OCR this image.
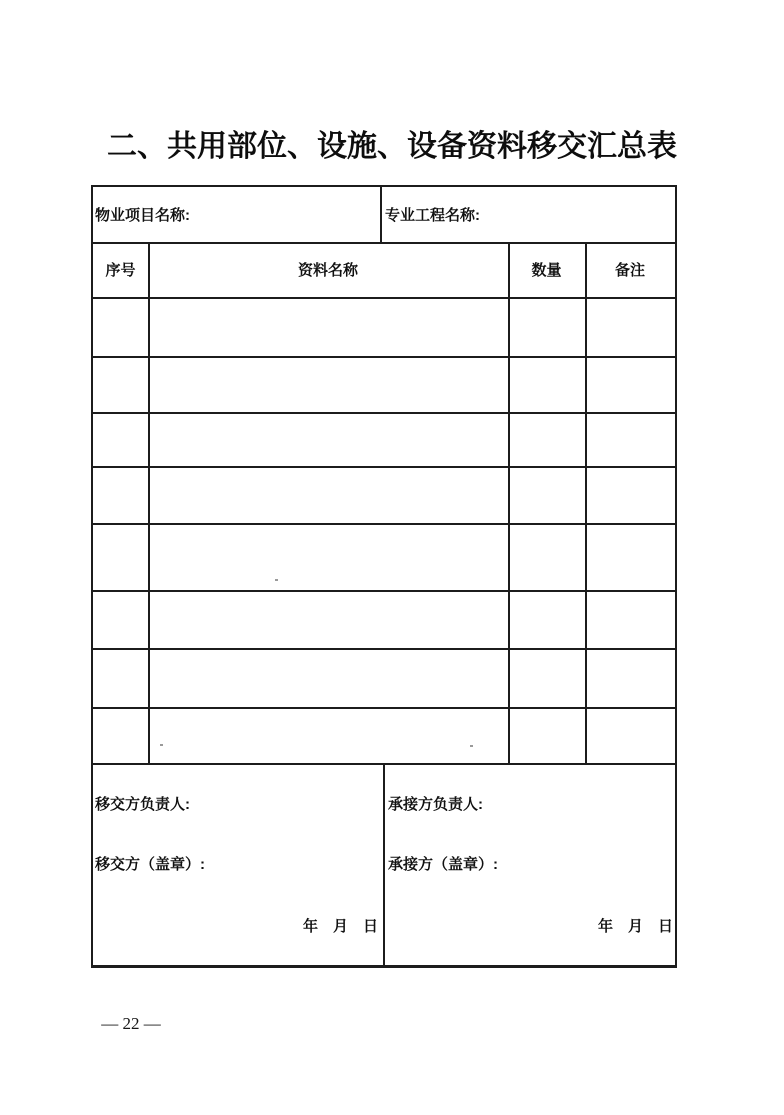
二、共用部位、设施、设备资料移交汇总表
物业项目名称:	专业工程名称:
序号	资料名称	数量	备注
移交方负责人:
移交方（盖章）:
年　月　日
承接方负责人:
承接方（盖章）:
年　月　日
— 22 —
